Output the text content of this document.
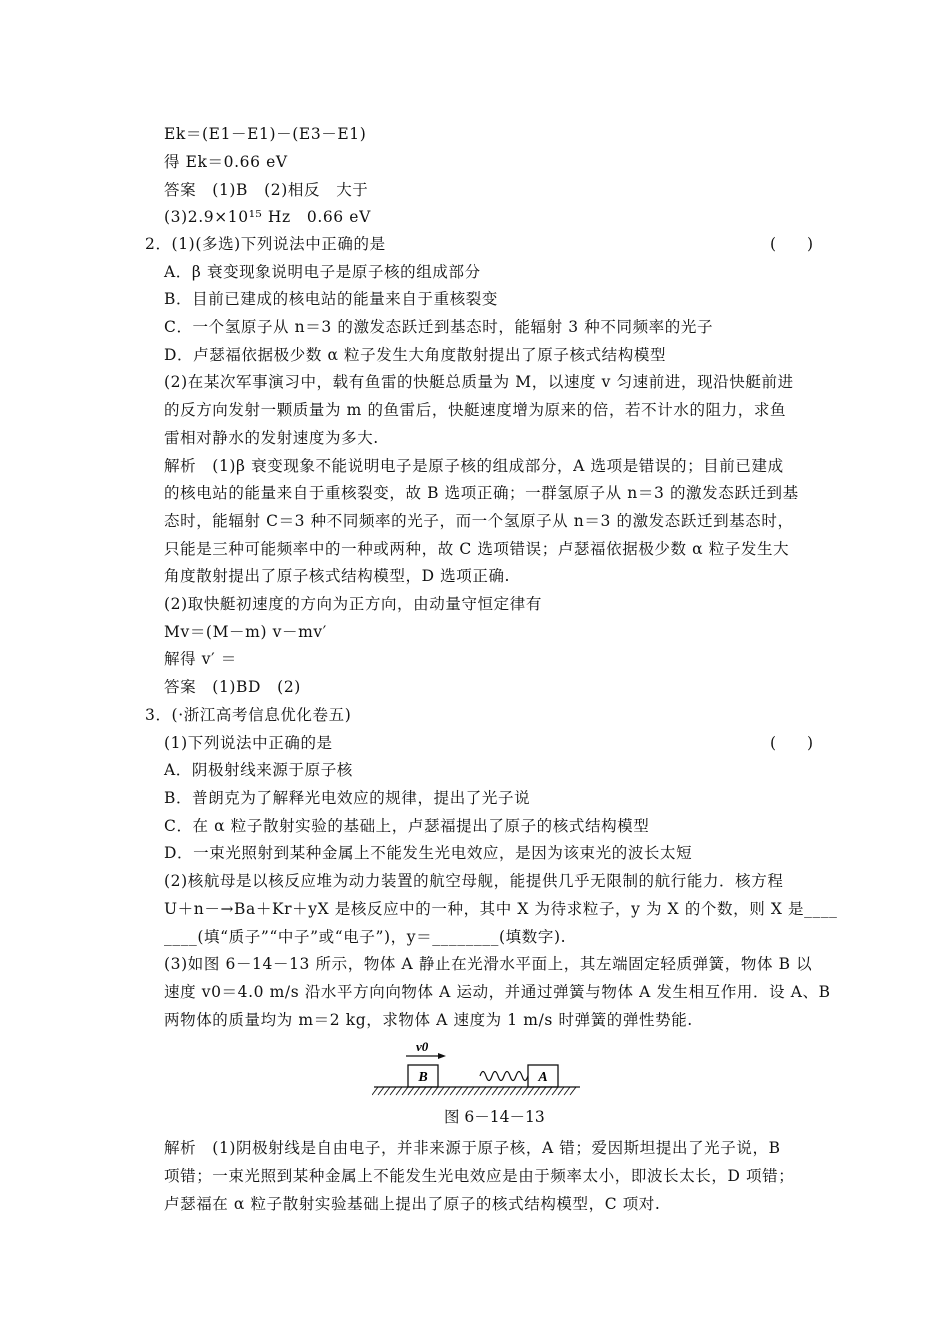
Ek＝(E1－E1)－(E3－E1)
得 Ek＝0.66 eV
答案　(1)B　(2)相反　大于
(3)2.9×10¹⁵ Hz　0.66 eV
2．(1)(多选)下列说法中正确的是	(　　)
A．β 衰变现象说明电子是原子核的组成部分
B．目前已建成的核电站的能量来自于重核裂变
C．一个氢原子从 n＝3 的激发态跃迁到基态时，能辐射 3 种不同频率的光子
D．卢瑟福依据极少数 α 粒子发生大角度散射提出了原子核式结构模型
(2)在某次军事演习中，载有鱼雷的快艇总质量为 M，以速度 v 匀速前进，现沿快艇前进
的反方向发射一颗质量为 m 的鱼雷后，快艇速度增为原来的倍，若不计水的阻力，求鱼
雷相对静水的发射速度为多大.
解析　(1)β 衰变现象不能说明电子是原子核的组成部分，A 选项是错误的；目前已建成
的核电站的能量来自于重核裂变，故 B 选项正确；一群氢原子从 n＝3 的激发态跃迁到基
态时，能辐射 C＝3 种不同频率的光子，而一个氢原子从 n＝3 的激发态跃迁到基态时，
只能是三种可能频率中的一种或两种，故 C 选项错误；卢瑟福依据极少数 α 粒子发生大
角度散射提出了原子核式结构模型，D 选项正确.
(2)取快艇初速度的方向为正方向，由动量守恒定律有
Mv＝(M－m) v－mv′
解得 v′ ＝
答案　(1)BD　(2)
3．(·浙江高考信息优化卷五)
(1)下列说法中正确的是	(　　)
A．阴极射线来源于原子核
B．普朗克为了解释光电效应的规律，提出了光子说
C．在 α 粒子散射实验的基础上，卢瑟福提出了原子的核式结构模型
D．一束光照射到某种金属上不能发生光电效应，是因为该束光的波长太短
(2)核航母是以核反应堆为动力装置的航空母舰，能提供几乎无限制的航行能力．核方程
U＋n－→Ba＋Kr＋yX 是核反应中的一种，其中 X 为待求粒子，y 为 X 的个数，则 X 是____
____(填“质子”“中子”或“电子”)，y＝________(填数字).
(3)如图 6－14－13 所示，物体 A 静止在光滑水平面上，其左端固定轻质弹簧，物体 B 以
速度 v0＝4.0 m/s 沿水平方向向物体 A 运动，并通过弹簧与物体 A 发生相互作用．设 A、B
两物体的质量均为 m＝2 kg，求物体 A 速度为 1 m/s 时弹簧的弹性势能.
v0
B	A
图 6－14－13
解析　(1)阴极射线是自由电子，并非来源于原子核，A 错；爱因斯坦提出了光子说，B
项错；一束光照到某种金属上不能发生光电效应是由于频率太小，即波长太长，D 项错；
卢瑟福在 α 粒子散射实验基础上提出了原子的核式结构模型，C 项对.
